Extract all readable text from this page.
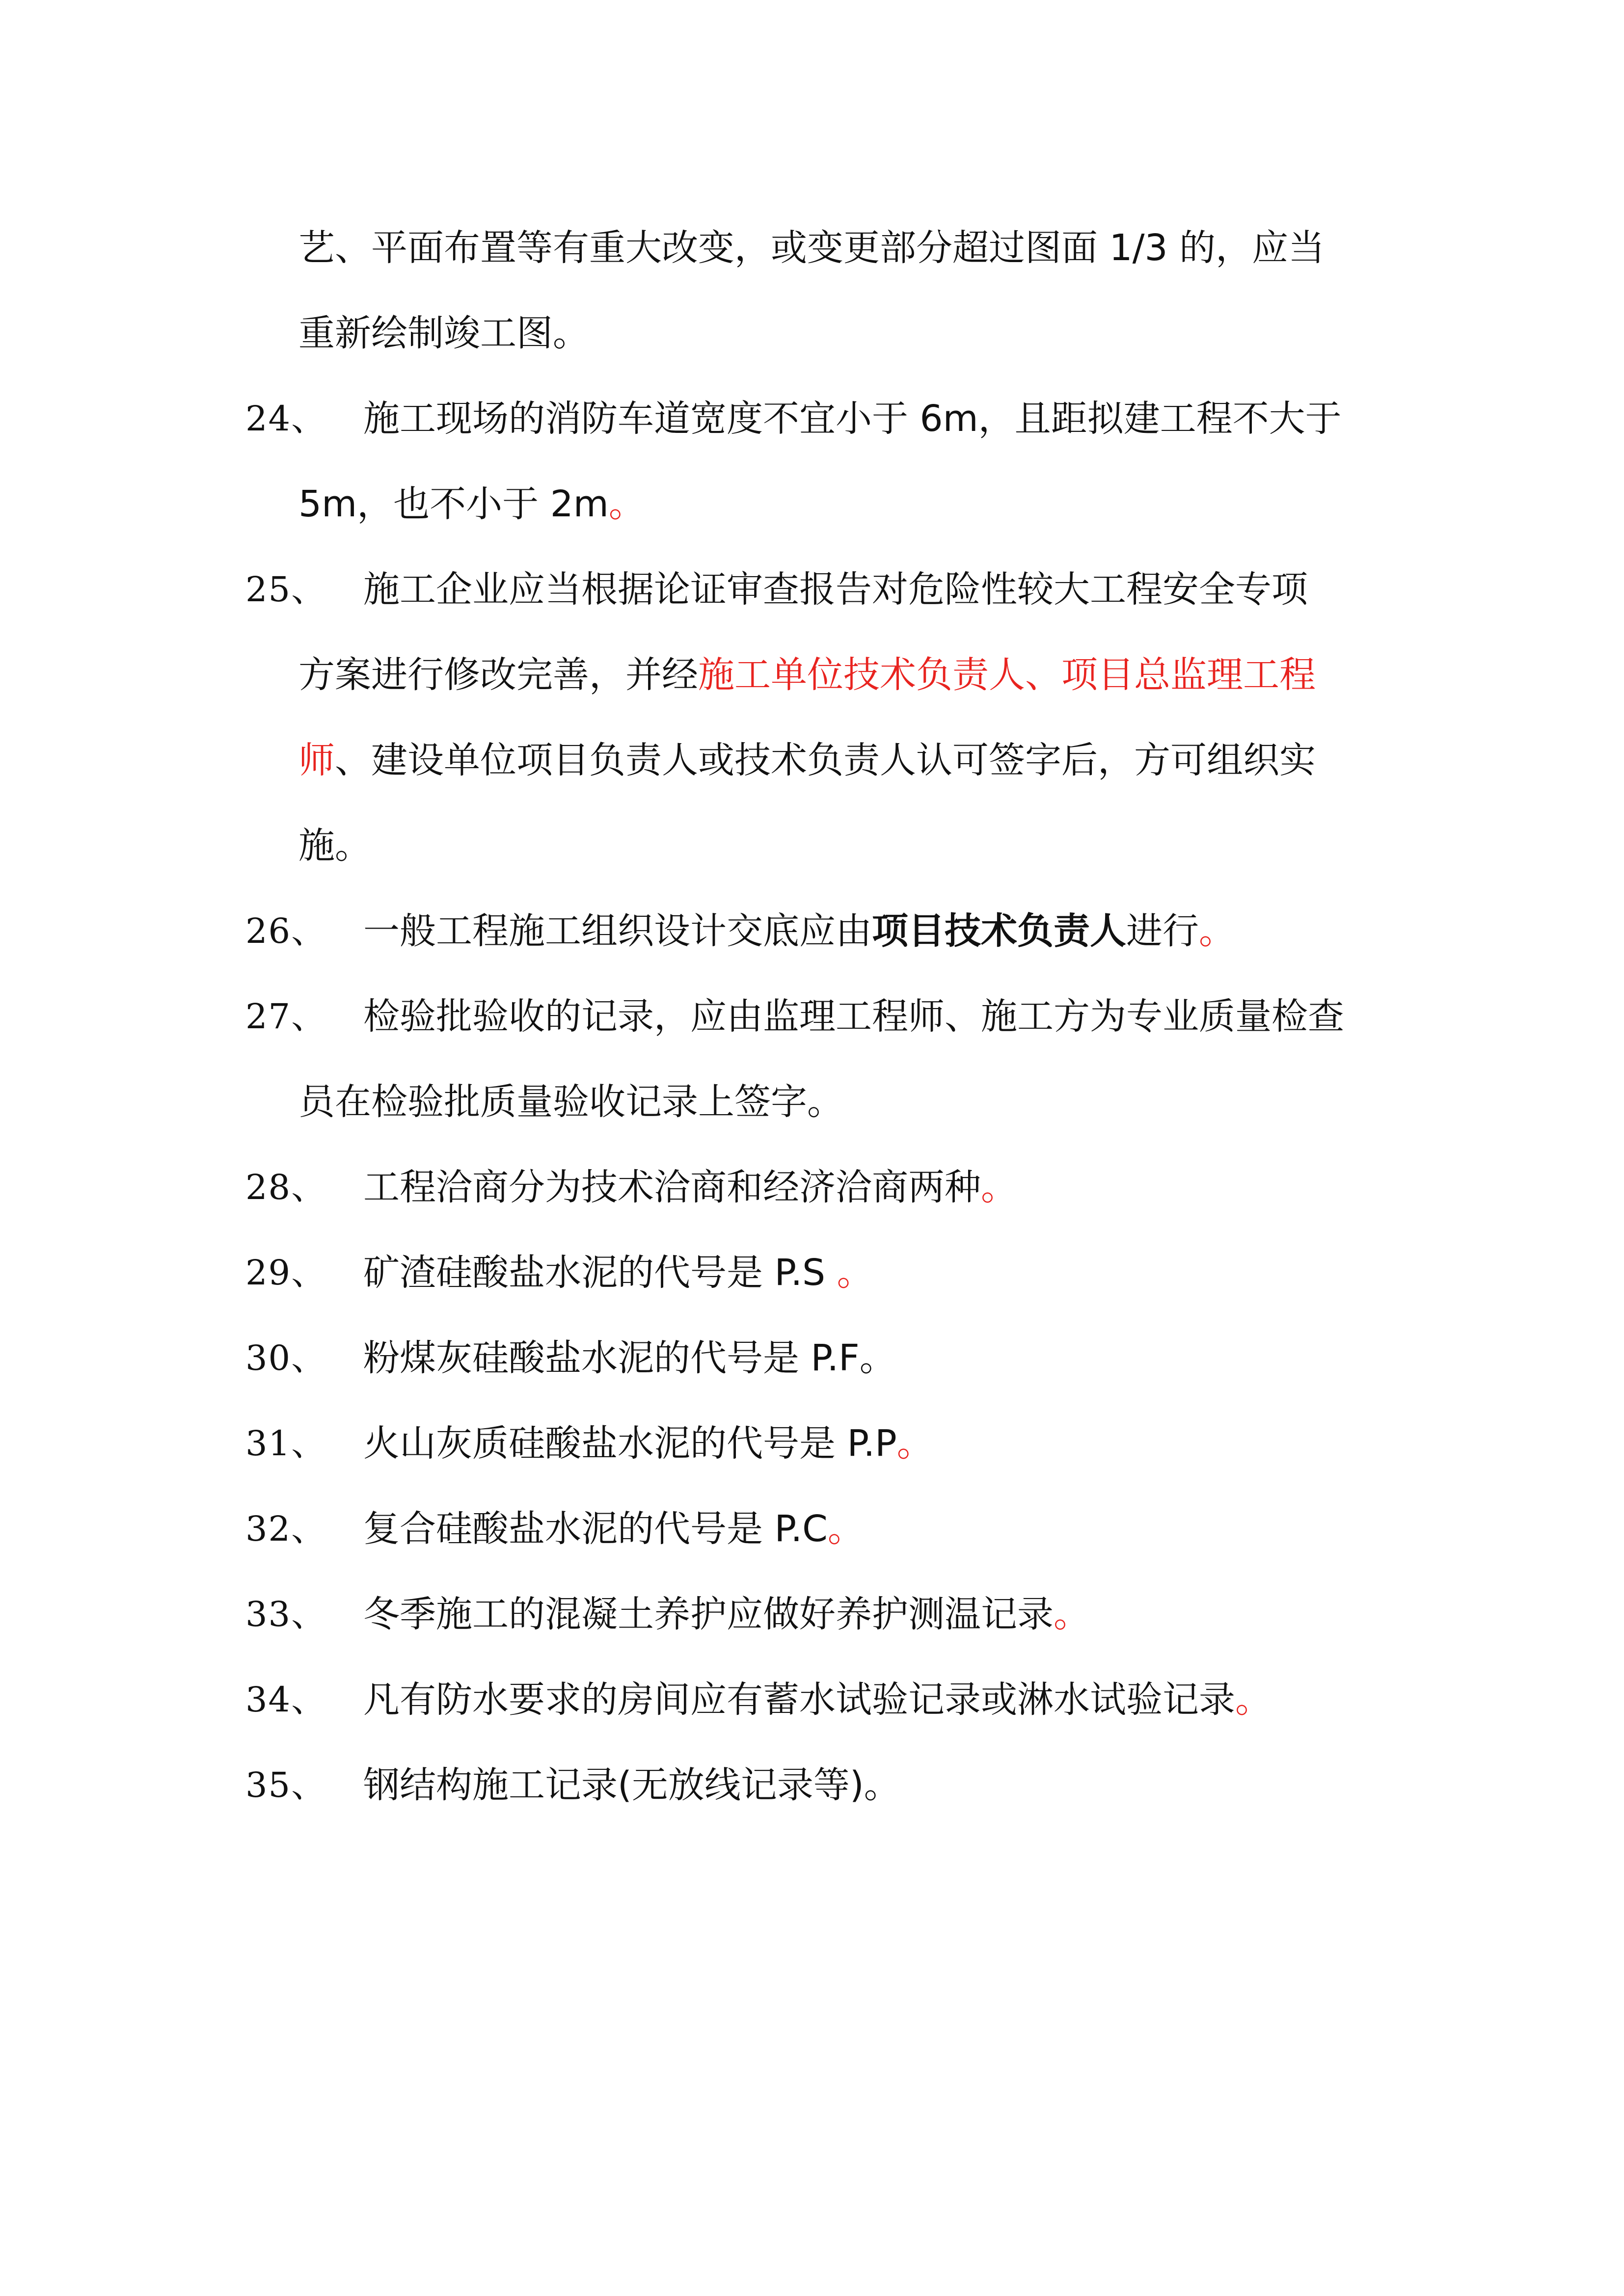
艺、平面布置等有重大改变，或变更部分超过图面 1/3 的，应当
重新绘制竣工图。
24、 施工现场的消防车道宽度不宜小于 6m，且距拟建工程不大于
5m，也不小于 2m。
25、 施工企业应当根据论证审查报告对危险性较大工程安全专项
方案进行修改完善，并经施工单位技术负责人、项目总监理工程
师、建设单位项目负责人或技术负责人认可签字后，方可组织实
施。
26、 一般工程施工组织设计交底应由项目技术负责人进行。
27、 检验批验收的记录，应由监理工程师、施工方为专业质量检查
员在检验批质量验收记录上签字。
28、 工程洽商分为技术洽商和经济洽商两种。
29、 矿渣硅酸盐水泥的代号是 P.S 。
30、 粉煤灰硅酸盐水泥的代号是 P.F。
31、 火山灰质硅酸盐水泥的代号是 P.P。
32、 复合硅酸盐水泥的代号是 P.C。
33、 冬季施工的混凝土养护应做好养护测温记录。
34、 凡有防水要求的房间应有蓄水试验记录或淋水试验记录。
35、 钢结构施工记录(无放线记录等)。
